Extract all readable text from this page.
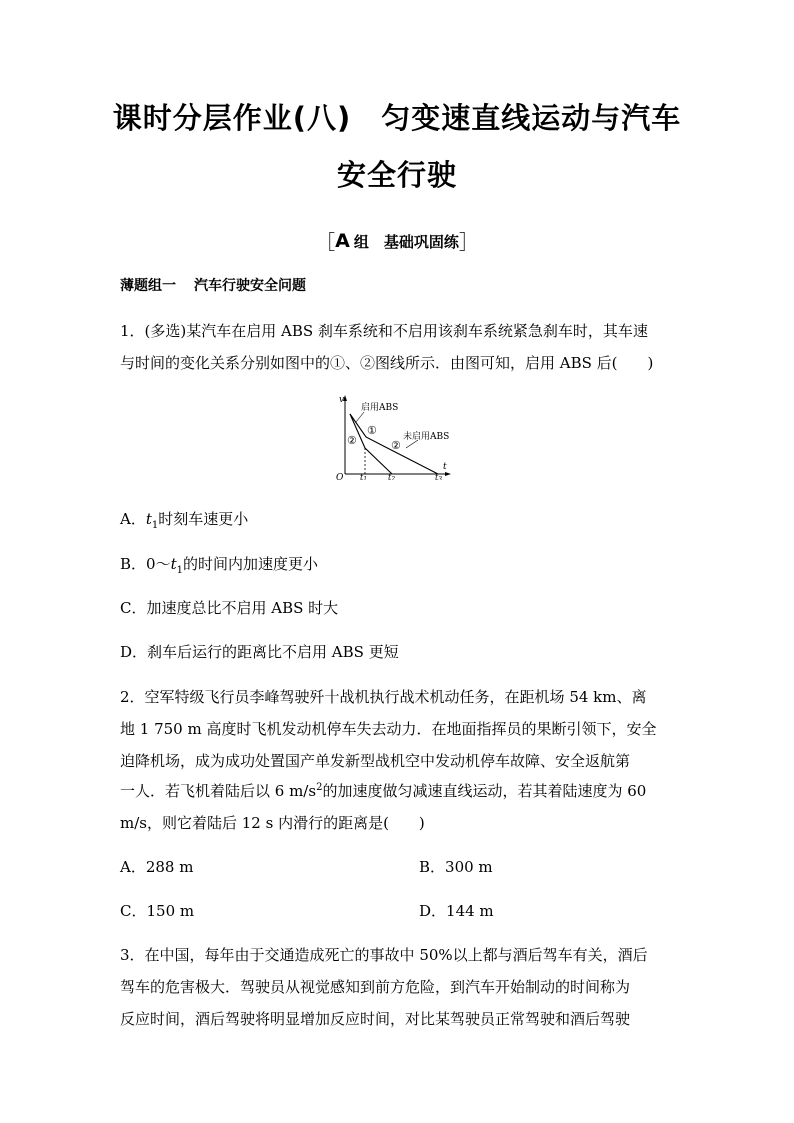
课时分层作业(八)　匀变速直线运动与汽车
安全行驶
［A 组　基础巩固练］
薄题组一 汽车行驶安全问题
1．(多选)某汽车在启用 ABS 刹车系统和不启用该刹车系统紧急刹车时，其车速
与时间的变化关系分别如图中的①、②图线所示．由图可知，启用 ABS 后(　　)
v
t
O t1	t2	t3
启用ABS
未启用ABS
①
②	②
A．$t_1$时刻车速更小
B．$0\sim t_1$的时间内加速度更小
C．加速度总比不启用 ABS 时大
D．刹车后运行的距离比不启用 ABS 更短
2．空军特级飞行员李峰驾驶歼十战机执行战术机动任务，在距机场 54 km、离
地 1 750 m 高度时飞机发动机停车失去动力．在地面指挥员的果断引领下，安全
迫降机场，成为成功处置国产单发新型战机空中发动机停车故障、安全返航第
一人．若飞机着陆后以 6 $m/s^2$的加速度做匀减速直线运动，若其着陆速度为 60
m/s，则它着陆后 12 s 内滑行的距离是(　　)
A．288 m	B．300 m
C．150 m	D．144 m
3．在中国，每年由于交通造成死亡的事故中 50%以上都与酒后驾车有关，酒后
驾车的危害极大．驾驶员从视觉感知到前方危险，到汽车开始制动的时间称为
反应时间，酒后驾驶将明显增加反应时间，对比某驾驶员正常驾驶和酒后驾驶
